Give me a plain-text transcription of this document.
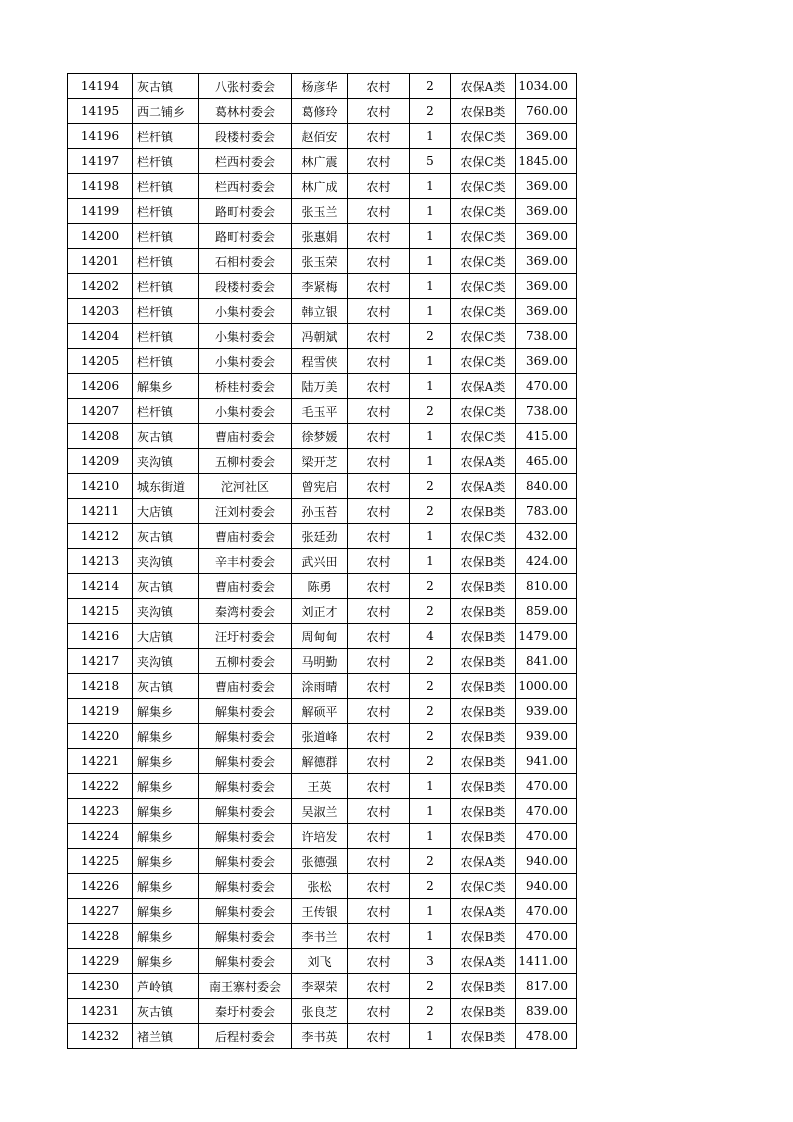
14194	灰古镇	八张村委会	杨彦华	农村	2	农保A类	1034.00
14195	西二铺乡	葛林村委会	葛修玲	农村	2	农保B类	760.00
14196	栏杆镇	段楼村委会	赵佰安	农村	1	农保C类	369.00
14197	栏杆镇	栏西村委会	林广震	农村	5	农保C类	1845.00
14198	栏杆镇	栏西村委会	林广成	农村	1	农保C类	369.00
14199	栏杆镇	路町村委会	张玉兰	农村	1	农保C类	369.00
14200	栏杆镇	路町村委会	张惠娟	农村	1	农保C类	369.00
14201	栏杆镇	石相村委会	张玉荣	农村	1	农保C类	369.00
14202	栏杆镇	段楼村委会	李紧梅	农村	1	农保C类	369.00
14203	栏杆镇	小集村委会	韩立银	农村	1	农保C类	369.00
14204	栏杆镇	小集村委会	冯朝斌	农村	2	农保C类	738.00
14205	栏杆镇	小集村委会	程雪侠	农村	1	农保C类	369.00
14206	解集乡	桥桂村委会	陆万美	农村	1	农保A类	470.00
14207	栏杆镇	小集村委会	毛玉平	农村	2	农保C类	738.00
14208	灰古镇	曹庙村委会	徐梦媛	农村	1	农保C类	415.00
14209	夹沟镇	五柳村委会	梁开芝	农村	1	农保A类	465.00
14210	城东街道	沱河社区	曾宪启	农村	2	农保A类	840.00
14211	大店镇	汪刘村委会	孙玉苔	农村	2	农保B类	783.00
14212	灰古镇	曹庙村委会	张廷劲	农村	1	农保C类	432.00
14213	夹沟镇	辛丰村委会	武兴田	农村	1	农保B类	424.00
14214	灰古镇	曹庙村委会	陈勇	农村	2	农保B类	810.00
14215	夹沟镇	秦湾村委会	刘正才	农村	2	农保B类	859.00
14216	大店镇	汪圩村委会	周甸甸	农村	4	农保B类	1479.00
14217	夹沟镇	五柳村委会	马明勤	农村	2	农保B类	841.00
14218	灰古镇	曹庙村委会	涂雨晴	农村	2	农保B类	1000.00
14219	解集乡	解集村委会	解硕平	农村	2	农保B类	939.00
14220	解集乡	解集村委会	张道峰	农村	2	农保B类	939.00
14221	解集乡	解集村委会	解德群	农村	2	农保B类	941.00
14222	解集乡	解集村委会	王英	农村	1	农保B类	470.00
14223	解集乡	解集村委会	吴淑兰	农村	1	农保B类	470.00
14224	解集乡	解集村委会	许培发	农村	1	农保B类	470.00
14225	解集乡	解集村委会	张德强	农村	2	农保A类	940.00
14226	解集乡	解集村委会	张松	农村	2	农保C类	940.00
14227	解集乡	解集村委会	王传银	农村	1	农保A类	470.00
14228	解集乡	解集村委会	李书兰	农村	1	农保B类	470.00
14229	解集乡	解集村委会	刘飞	农村	3	农保A类	1411.00
14230	芦岭镇	南王寨村委会	李翠荣	农村	2	农保B类	817.00
14231	灰古镇	秦圩村委会	张良芝	农村	2	农保B类	839.00
14232	褚兰镇	后程村委会	李书英	农村	1	农保B类	478.00
